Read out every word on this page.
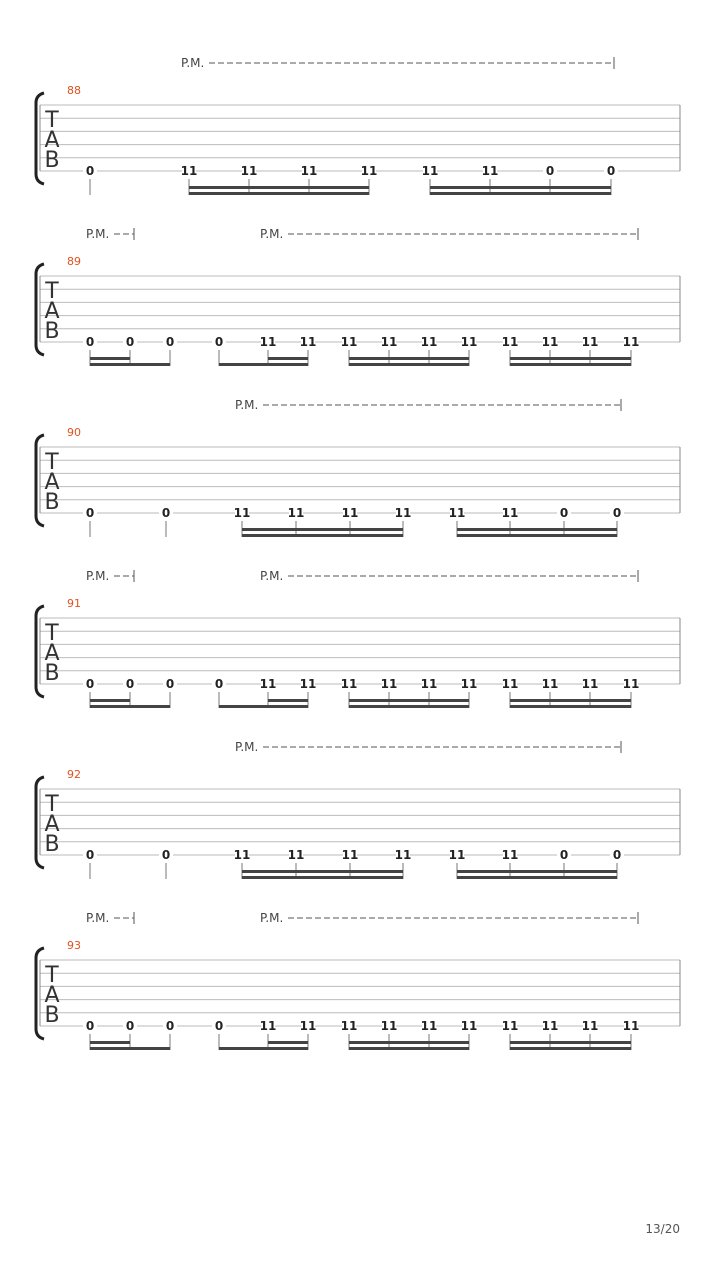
T
A
B
88
P.M.
0	11	11	11	11	11	11	0	0
T
A
B
89
P.M.	P.M.
0	0	0	0	11 11 11 11 11 11 11 11 11 11
T
A
B
90
P.M.
0	0	11	11	11	11	11	11	0	0
T
A
B
91
P.M.	P.M.
0	0	0	0	11 11 11 11 11 11 11 11 11 11
T
A
B
92
P.M.
0	0	11	11	11	11	11	11	0	0
T
A
B
93
P.M.	P.M.
0	0	0	0	11 11 11 11 11 11 11 11 11 11
13/20
